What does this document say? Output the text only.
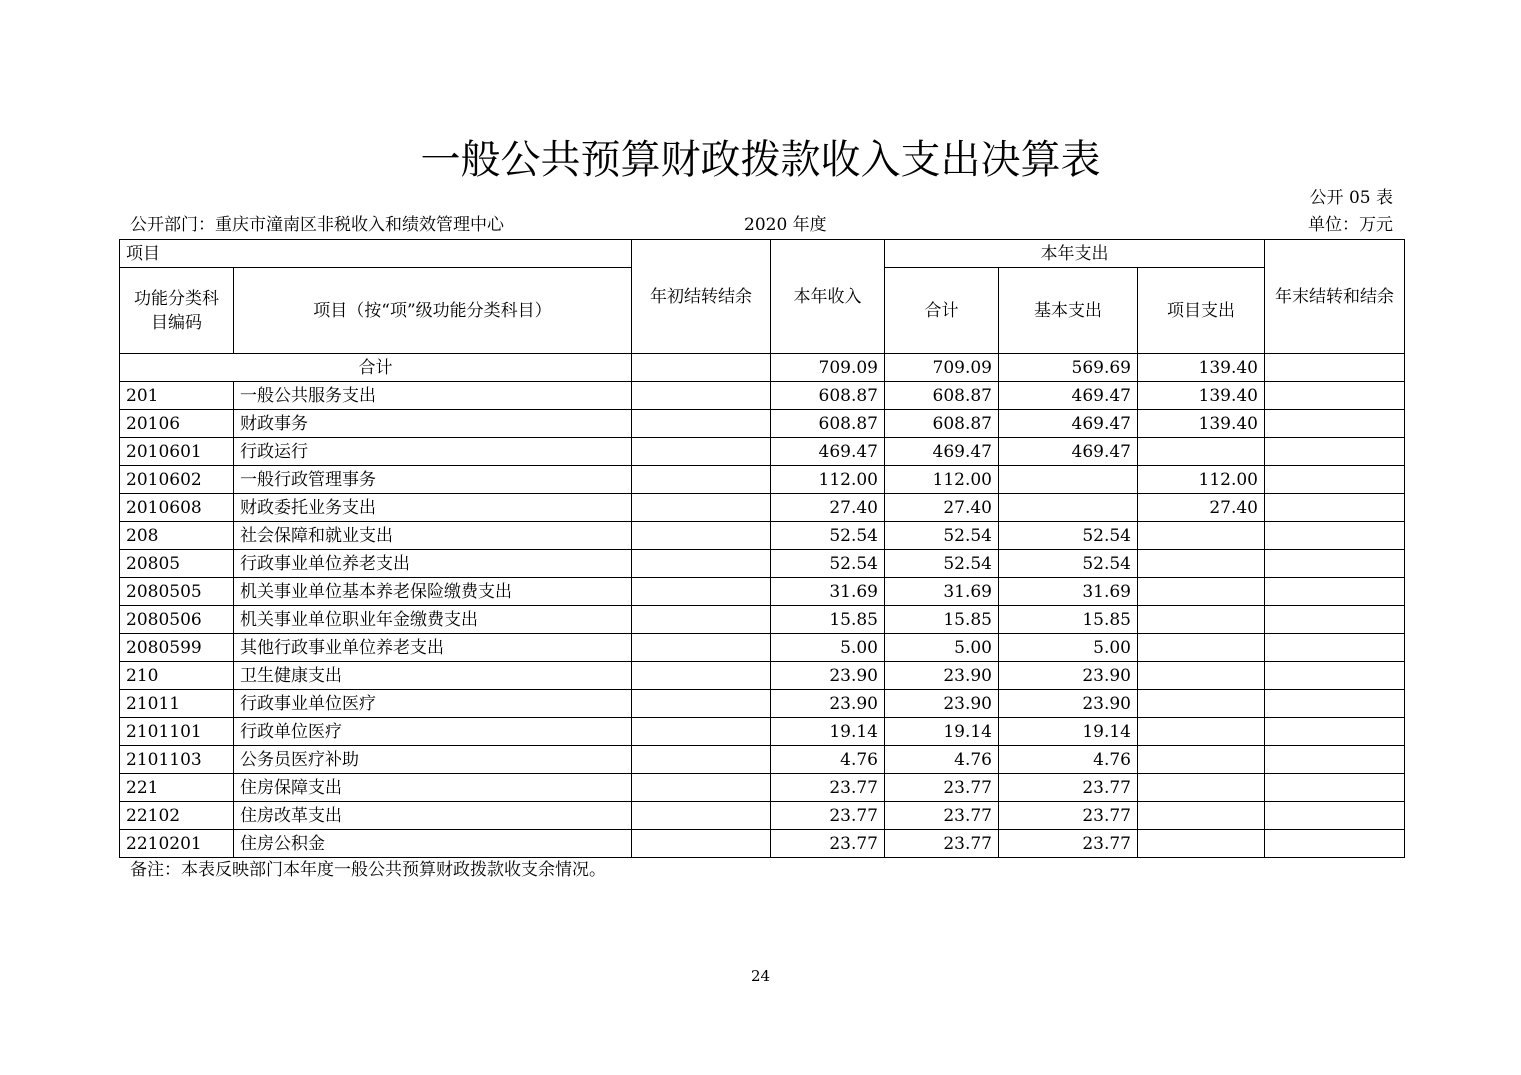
一般公共预算财政拨款收入支出决算表
公开 05 表
公开部门：重庆市潼南区非税收入和绩效管理中心	2020 年度	单位：万元
项目		年初结转结余	本年收入	本年支出			年末结转和结余
功能分类科目编码	项目（按“项”级功能分类科目）			合计	基本支出	项目支出	
合计			709.09	709.09	569.69	139.40	
201	一般公共服务支出		608.87	608.87	469.47	139.40	
20106	财政事务		608.87	608.87	469.47	139.40	
2010601	行政运行		469.47	469.47	469.47		
2010602	一般行政管理事务		112.00	112.00		112.00	
2010608	财政委托业务支出		27.40	27.40		27.40	
208	社会保障和就业支出		52.54	52.54	52.54		
20805	行政事业单位养老支出		52.54	52.54	52.54		
2080505	机关事业单位基本养老保险缴费支出		31.69	31.69	31.69		
2080506	机关事业单位职业年金缴费支出		15.85	15.85	15.85		
2080599	其他行政事业单位养老支出		5.00	5.00	5.00		
210	卫生健康支出		23.90	23.90	23.90		
21011	行政事业单位医疗		23.90	23.90	23.90		
2101101	行政单位医疗		19.14	19.14	19.14		
2101103	公务员医疗补助		4.76	4.76	4.76		
221	住房保障支出		23.77	23.77	23.77		
22102	住房改革支出		23.77	23.77	23.77		
2210201	住房公积金		23.77	23.77	23.77		
备注：本表反映部门本年度一般公共预算财政拨款收支余情况。
24
